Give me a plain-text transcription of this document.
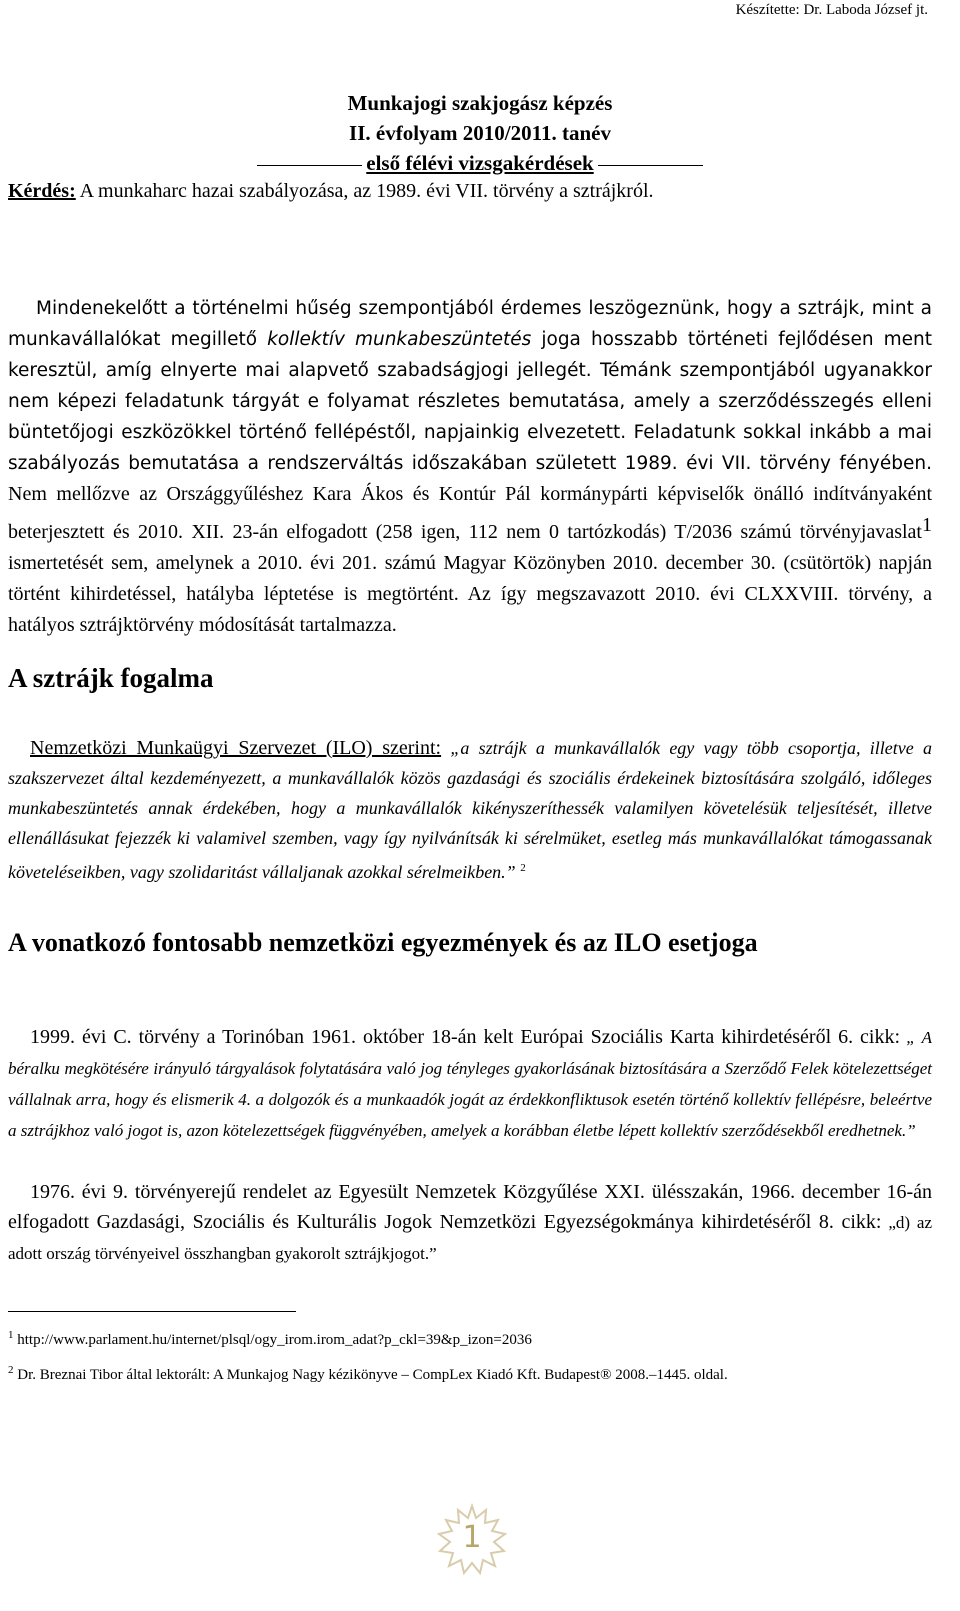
Készítette: Dr. Laboda József jt.
Munkajogi szakjogász képzés
II. évfolyam 2010/2011. tanév
első félévi vizsgakérdések
Kérdés: A munkaharc hazai szabályozása, az 1989. évi VII. törvény a sztrájkról.

Mindenekelőtt a történelmi hűség szempontjából érdemes leszögeznünk, hogy a sztrájk, mint a munkavállalókat megillető kollektív munkabeszüntetés joga hosszabb történeti fejlődésen ment keresztül, amíg elnyerte mai alapvető szabadságjogi jellegét. Témánk szempontjából ugyanakkor nem képezi feladatunk tárgyát e folyamat részletes bemutatása, amely a szerződésszegés elleni büntetőjogi eszközökkel történő fellépéstől, napjainkig elvezetett. Feladatunk sokkal inkább a mai szabályozás bemutatása a rendszerváltás időszakában született 1989. évi VII. törvény fényében. Nem mellőzve az Országgyűléshez Kara Ákos és Kontúr Pál kormánypárti képviselők önálló indítványaként beterjesztett és 2010. XII. 23-án elfogadott (258 igen, 112 nem 0 tartózkodás) T/2036 számú törvényjavaslat$^1$ ismertetését sem, amelynek a 2010. évi 201. számú Magyar Közönyben 2010. december 30. (csütörtök) napján történt kihirdetéssel, hatályba léptetése is megtörtént. Az így megszavazott 2010. évi CLXXVIII. törvény, a hatályos sztrájktörvény módosítását tartalmazza.

A sztrájk fogalma

Nemzetközi Munkaügyi Szervezet (ILO) szerint: „a sztrájk a munkavállalók egy vagy több csoportja, illetve a szakszervezet által kezdeményezett, a munkavállalók közös gazdasági és szociális érdekeinek biztosítására szolgáló, időleges munkabeszüntetés annak érdekében, hogy a munkavállalók kikényszeríthessék valamilyen követelésük teljesítését, illetve ellenállásukat fejezzék ki valamivel szemben, vagy így nyilvánítsák ki sérelmüket, esetleg más munkavállalókat támogassanak követeléseikben, vagy szolidaritást vállaljanak azokkal sérelmeikben.” $^2$

A vonatkozó fontosabb nemzetközi egyezmények és az ILO esetjoga

1999. évi C. törvény a Torinóban 1961. október 18-án kelt Európai Szociális Karta kihirdetéséről 6. cikk: „ A béralku megkötésére irányuló tárgyalások folytatására való jog tényleges gyakorlásának biztosítására a Szerződő Felek kötelezettséget vállalnak arra, hogy és elismerik 4. a dolgozók és a munkaadók jogát az érdekkonfliktusok esetén történő kollektív fellépésre, beleértve a sztrájkhoz való jogot is, azon kötelezettségek függvényében, amelyek a korábban életbe lépett kollektív szerződésekből eredhetnek.”

1976. évi 9. törvényerejű rendelet az Egyesült Nemzetek Közgyűlése XXI. ülésszakán, 1966. december 16-án elfogadott Gazdasági, Szociális és Kulturális Jogok Nemzetközi Egyezségokmánya kihirdetéséről 8. cikk: „d) az adott ország törvényeivel összhangban gyakorolt sztrájkjogot.”

$^1$ http://www.parlament.hu/internet/plsql/ogy_irom.irom_adat?p_ckl=39&p_izon=2036
$^2$ Dr. Breznai Tibor által lektorált: A Munkajog Nagy kézikönyve – CompLex Kiadó Kft. Budapest® 2008.–1445. oldal.
1
